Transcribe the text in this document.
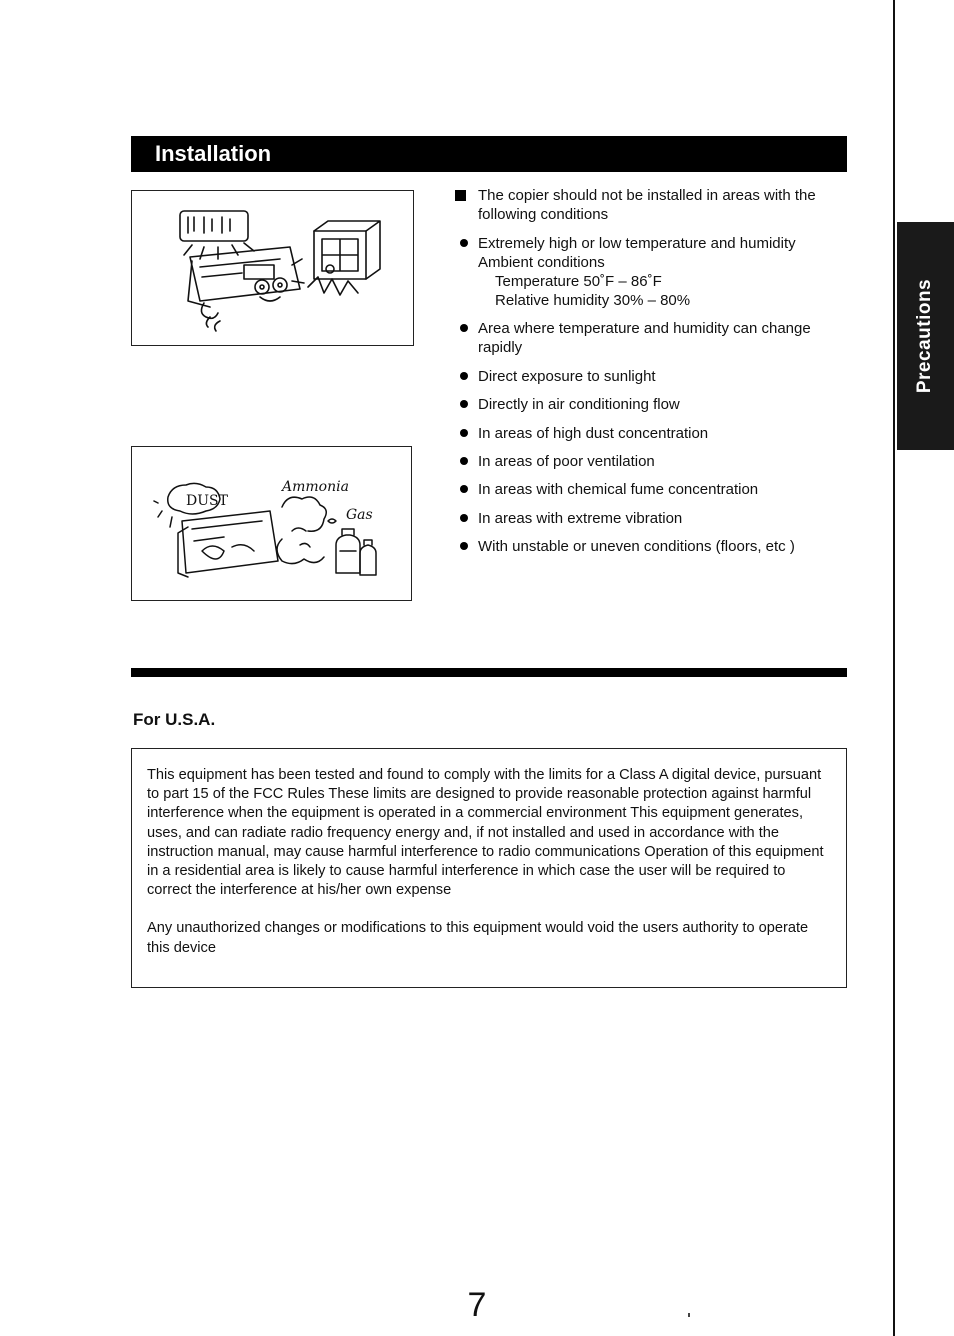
Precautions
Installation
DUST
Ammonia
Gas
The copier should not be installed in areas with the following conditions
Extremely high or low temperature and humidity
Ambient conditions
Temperature 50˚F – 86˚F
Relative humidity 30% – 80%
Area where temperature and humidity can change rapidly
Direct exposure to sunlight
Directly in air conditioning flow
In areas of high dust concentration
In areas of poor ventilation
In areas with chemical fume concentration
In areas with extreme vibration
With unstable or uneven conditions (floors, etc )
For U.S.A.

This equipment has been tested and found to comply with the limits for a Class A digital device, pursuant to part 15 of the FCC Rules These limits are designed to provide reasonable protection against harmful interference when the equipment is operated in a commercial environment This equipment generates, uses, and can radiate radio frequency energy and, if not installed and used in accordance with the instruction manual, may cause harmful interference to radio communications Operation of this equipment in a residential area is likely to cause harmful interference in which case the user will be required to correct the interference at his/her own expense

Any unauthorized changes or modifications to this equipment would void the users authority to operate this device

7
